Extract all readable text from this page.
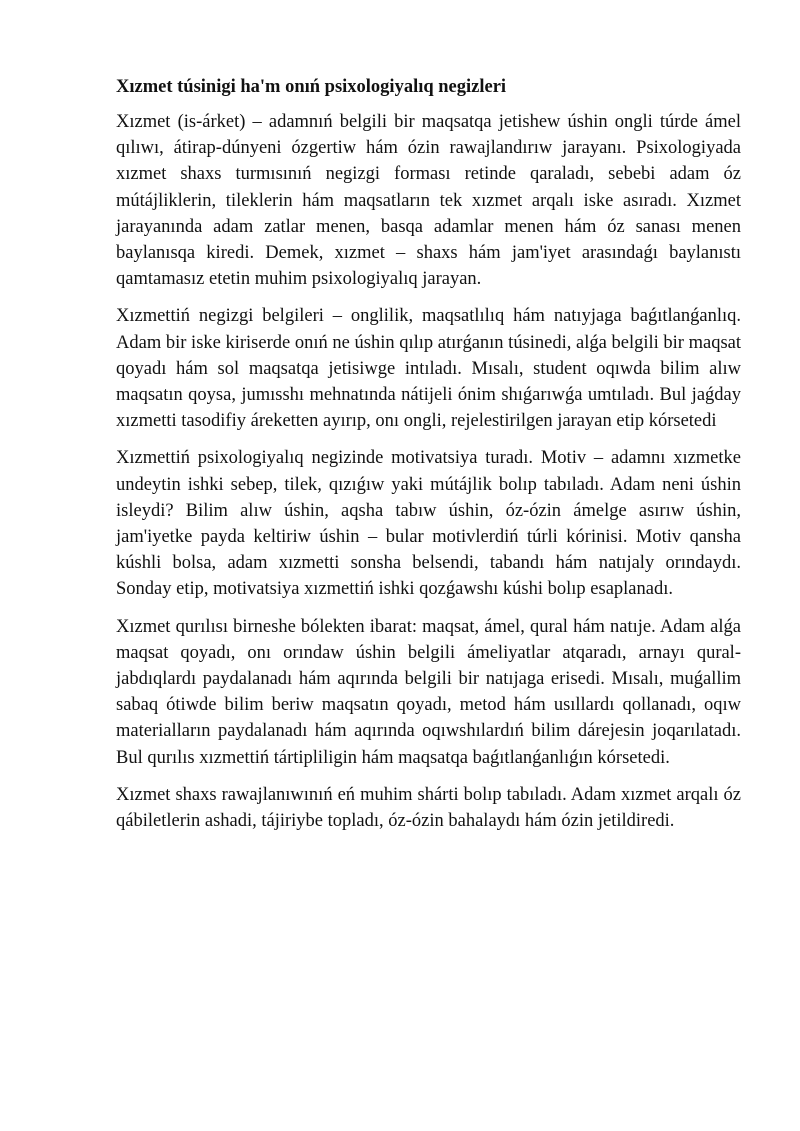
Xızmet túsinigi ha'm onıń psixologiyalıq negizleri

Xızmet (is-árket) – adamnıń belgili bir maqsatqa jetishew úshin ongli túrde ámel qılıwı, átirap-dúnyeni ózgertiw hám ózin rawajlandırıw jarayanı. Psixologiyada xızmet shaxs turmısınıń negizgi forması retinde qaraladı, sebebi adam óz mútájliklerin, tileklerin hám maqsatların tek xızmet arqalı iske asıradı. Xızmet jarayanında adam zatlar menen, basqa adamlar menen hám óz sanası menen baylanısqa kiredi. Demek, xızmet – shaxs hám jam'iyet arasındaǵı baylanıstı qamtamasız etetin muhim psixologiyalıq jarayan.

Xızmettiń negizgi belgileri – onglilik, maqsatlılıq hám natıyjaga baǵıtlanǵanlıq. Adam bir iske kiriserde onıń ne úshin qılıp atırǵanın túsinedi, alǵa belgili bir maqsat qoyadı hám sol maqsatqa jetisiwge intıladı. Mısalı, student oqıwda bilim alıw maqsatın qoysa, jumısshı mehnatında nátijeli ónim shıǵarıwǵa umtıladı. Bul jaǵday xızmetti tasodifiy áreketten ayırıp, onı ongli, rejelestirilgen jarayan etip kórsetedi

Xızmettiń psixologiyalıq negizinde motivatsiya turadı. Motiv – adamnı xızmetke undeytin ishki sebep, tilek, qızıǵıw yaki mútájlik bolıp tabıladı. Adam neni úshin isleydi? Bilim alıw úshin, aqsha tabıw úshin, óz-ózin ámelge asırıw úshin, jam'iyetke payda keltiriw úshin – bular motivlerdiń túrli kórinisi. Motiv qansha kúshli bolsa, adam xızmetti sonsha belsendi, tabandı hám natıjaly orındaydı. Sonday etip, motivatsiya xızmettiń ishki qozǵawshı kúshi bolıp esaplanadı.

Xızmet qurılısı birneshe bólekten ibarat: maqsat, ámel, qural hám natıje. Adam alǵa maqsat qoyadı, onı orındaw úshin belgili ámeliyatlar atqaradı, arnayı qural-jabdıqlardı paydalanadı hám aqırında belgili bir natıjaga erisedi. Mısalı, muǵallim sabaq ótiwde bilim beriw maqsatın qoyadı, metod hám usıllardı qollanadı, oqıw materialların paydalanadı hám aqırında oqıwshılardıń bilim dárejesin joqarılatadı. Bul qurılıs xızmettiń tártipliligin hám maqsatqa baǵıtlanǵanlıǵın kórsetedi.

Xızmet shaxs rawajlanıwınıń eń muhim shárti bolıp tabıladı. Adam xızmet arqalı óz qábiletlerin ashadi, tájiriybe topladı, óz-ózin bahalaydı hám ózin jetildiredi.
